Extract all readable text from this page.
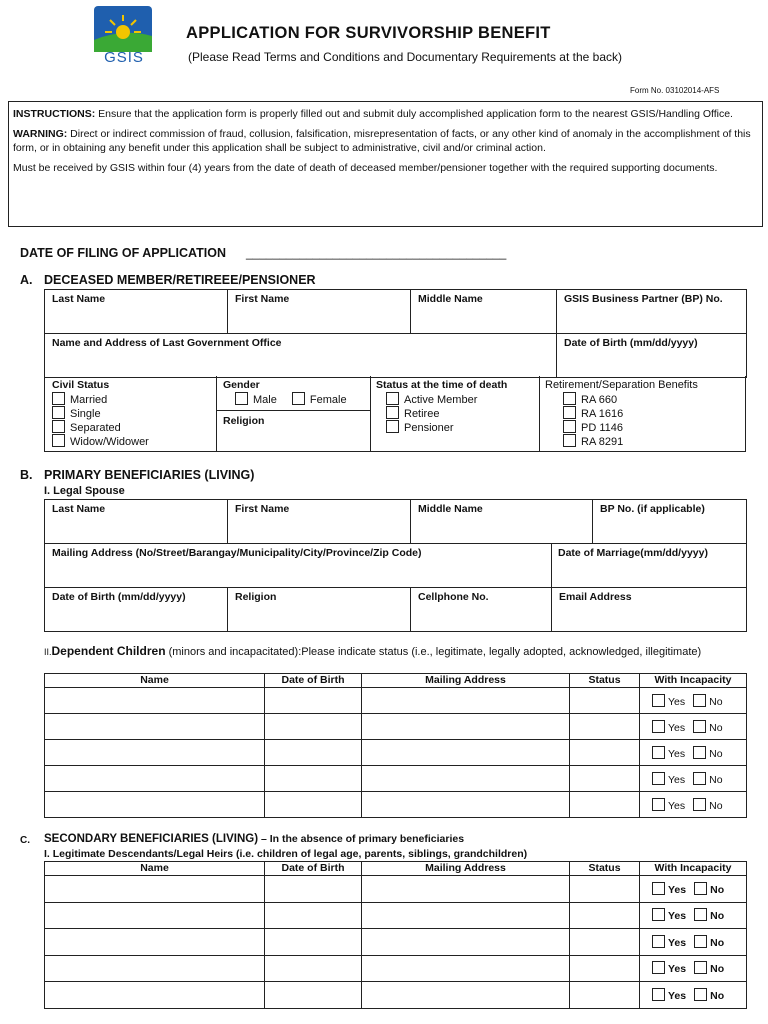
GSIS
APPLICATION FOR SURVIVORSHIP BENEFIT
(Please Read Terms and Conditions and Documentary Requirements at the back)
Form No. 03102014-AFS
INSTRUCTIONS: Ensure that the application form is properly filled out and submit duly accomplished application form to the nearest GSIS/Handling Office.
WARNING: Direct or indirect commission of fraud, collusion, falsification, misrepresentation of facts, or any other kind of anomaly in the accomplishment of this form, or in obtaining any benefit under this application shall be subject to administrative, civil and/or criminal action.
Must be received by GSIS within four (4) years from the date of death of deceased member/pensioner together with the required supporting documents.
DATE OF FILING OF APPLICATION _______________________________________
A. DECEASED MEMBER/RETIREEE/PENSIONER
Last Name	First Name	Middle Name	GSIS Business Partner (BP) No.
Name and Address of Last Government Office			Date of Birth (mm/dd/yyyy)
Civil Status
Married
Single
Separated
Widow/Widower
Gender
Male	Female
Religion
Status at the time of death
Active Member
Retiree
Pensioner
Retirement/Separation Benefits
RA 660
RA 1616
PD 1146
RA 8291
B. PRIMARY BENEFICIARIES (LIVING)
I. Legal Spouse
Last Name	First Name	Middle Name		BP No. (if applicable)
Mailing Address (No/Street/Barangay/Municipality/City/Province/Zip Code)			Date of Marriage(mm/dd/yyyy)	
Date of Birth (mm/dd/yyyy)	Religion	Cellphone No.	Email Address	
II.Dependent Children (minors and incapacitated):Please indicate status (i.e., legitimate, legally adopted, acknowledged, illegitimate)
Name	Date of Birth	Mailing Address	Status	With Incapacity
				Yes No
				Yes No
				Yes No
				Yes No
				Yes No
C. SECONDARY BENEFICIARIES (LIVING) – In the absence of primary beneficiaries
I. Legitimate Descendants/Legal Heirs (i.e. children of legal age, parents, siblings, grandchildren)
Name	Date of Birth	Mailing Address	Status	With Incapacity
				Yes No
				Yes No
				Yes No
				Yes No
				Yes No
